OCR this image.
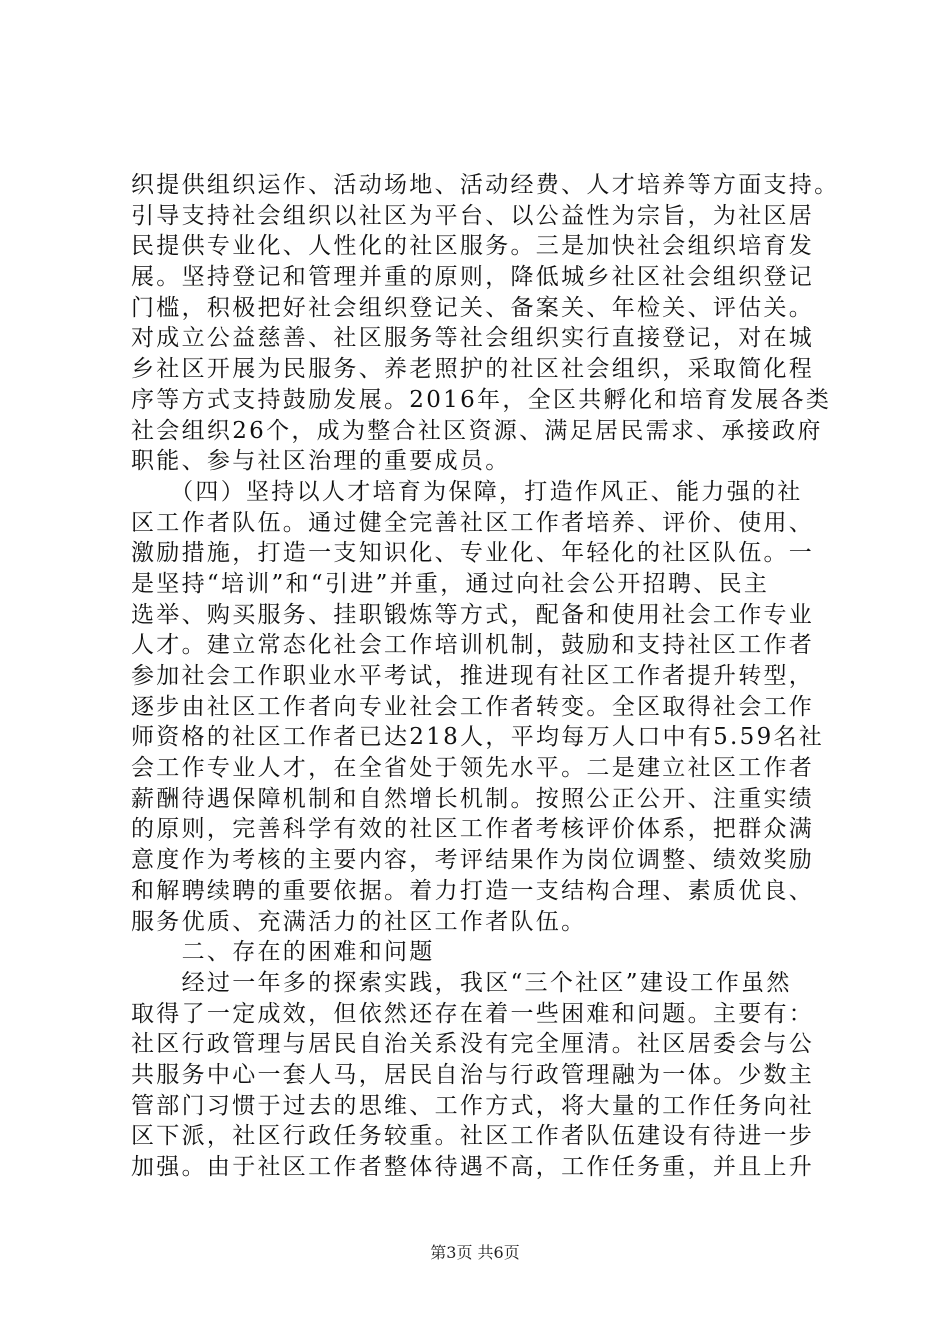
织提供组织运作、活动场地、活动经费、人才培养等方面支持。
引导支持社会组织以社区为平台、以公益性为宗旨，为社区居
民提供专业化、人性化的社区服务。三是加快社会组织培育发
展。坚持登记和管理并重的原则，降低城乡社区社会组织登记
门槛，积极把好社会组织登记关、备案关、年检关、评估关。
对成立公益慈善、社区服务等社会组织实行直接登记，对在城
乡社区开展为民服务、养老照护的社区社会组织，采取简化程
序等方式支持鼓励发展。2016年，全区共孵化和培育发展各类
社会组织26个，成为整合社区资源、满足居民需求、承接政府
职能、参与社区治理的重要成员。
　　（四）坚持以人才培育为保障，打造作风正、能力强的社
区工作者队伍。通过健全完善社区工作者培养、评价、使用、
激励措施，打造一支知识化、专业化、年轻化的社区队伍。一
是坚持“培训”和“引进”并重，通过向社会公开招聘、民主
选举、购买服务、挂职锻炼等方式，配备和使用社会工作专业
人才。建立常态化社会工作培训机制，鼓励和支持社区工作者
参加社会工作职业水平考试，推进现有社区工作者提升转型，
逐步由社区工作者向专业社会工作者转变。全区取得社会工作
师资格的社区工作者已达218人，平均每万人口中有5.59名社
会工作专业人才，在全省处于领先水平。二是建立社区工作者
薪酬待遇保障机制和自然增长机制。按照公正公开、注重实绩
的原则，完善科学有效的社区工作者考核评价体系，把群众满
意度作为考核的主要内容，考评结果作为岗位调整、绩效奖励
和解聘续聘的重要依据。着力打造一支结构合理、素质优良、
服务优质、充满活力的社区工作者队伍。
　　二、存在的困难和问题
　　经过一年多的探索实践，我区“三个社区”建设工作虽然
取得了一定成效，但依然还存在着一些困难和问题。主要有：
社区行政管理与居民自治关系没有完全厘清。社区居委会与公
共服务中心一套人马，居民自治与行政管理融为一体。少数主
管部门习惯于过去的思维、工作方式，将大量的工作任务向社
区下派，社区行政任务较重。社区工作者队伍建设有待进一步
加强。由于社区工作者整体待遇不高，工作任务重，并且上升
第3页 共6页
